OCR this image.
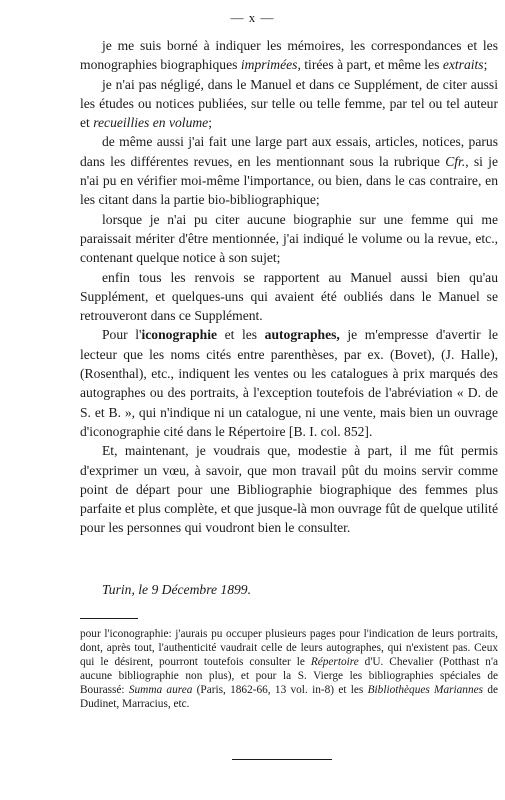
— x —

je me suis borné à indiquer les mémoires, les correspondances et les monographies biographiques imprimées, tirées à part, et même les extraits;

je n'ai pas négligé, dans le Manuel et dans ce Supplément, de citer aussi les études ou notices publiées, sur telle ou telle femme, par tel ou tel auteur et recueillies en volume;

de même aussi j'ai fait une large part aux essais, articles, notices, parus dans les différentes revues, en les mentionnant sous la rubrique Cfr., si je n'ai pu en vérifier moi-même l'importance, ou bien, dans le cas contraire, en les citant dans la partie bio-bibliographique;

lorsque je n'ai pu citer aucune biographie sur une femme qui me paraissait mériter d'être mentionnée, j'ai indiqué le volume ou la revue, etc., contenant quelque notice à son sujet;

enfin tous les renvois se rapportent au Manuel aussi bien qu'au Supplément, et quelques-uns qui avaient été oubliés dans le Manuel se retrouveront dans ce Supplément.

Pour l'iconographie et les autographes, je m'empresse d'avertir le lecteur que les noms cités entre parenthèses, par ex. (Bovet), (J. Halle), (Rosenthal), etc., indiquent les ventes ou les catalogues à prix marqués des autographes ou des portraits, à l'exception toutefois de l'abréviation « D. de S. et B. », qui n'indique ni un catalogue, ni une vente, mais bien un ouvrage d'iconographie cité dans le Répertoire [B. I. col. 852].

Et, maintenant, je voudrais que, modestie à part, il me fût permis d'exprimer un vœu, à savoir, que mon travail pût du moins servir comme point de départ pour une Bibliographie biographique des femmes plus parfaite et plus complète, et que jusque-là mon ouvrage fût de quelque utilité pour les personnes qui voudront bien le consulter.

Turin, le 9 Décembre 1899.

pour l'iconographie: j'aurais pu occuper plusieurs pages pour l'indication de leurs portraits, dont, après tout, l'authenticité vaudrait celle de leurs autographes, qui n'existent pas. Ceux qui le désirent, pourront toutefois consulter le Répertoire d'U. Chevalier (Potthast n'a aucune bibliographie non plus), et pour la S. Vierge les bibliographies spéciales de Bourassé: Summa aurea (Paris, 1862-66, 13 vol. in-8) et les Bibliothèques Mariannes de Dudinet, Marracius, etc.
